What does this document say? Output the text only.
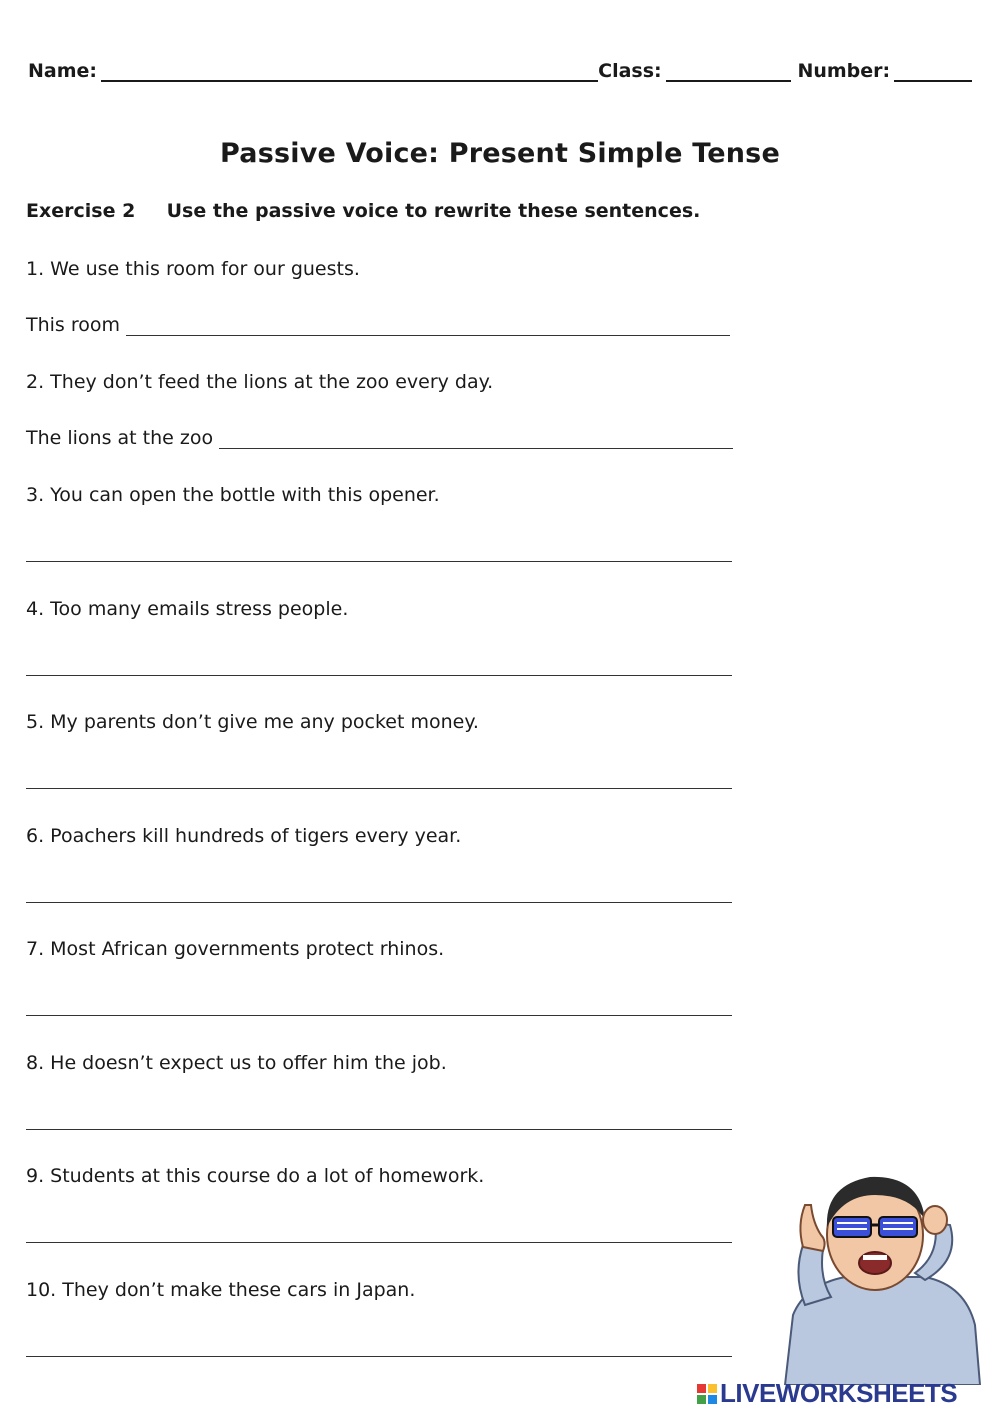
Name:	Class:	Number:
Passive Voice: Present Simple Tense
Exercise 2 Use the passive voice to rewrite these sentences.
1. We use this room for our guests.
This room
2. They don’t feed the lions at the zoo every day.
The lions at the zoo
3. You can open the bottle with this opener.
4. Too many emails stress people.
5. My parents don’t give me any pocket money.
6. Poachers kill hundreds of tigers every year.
7. Most African governments protect rhinos.
8. He doesn’t expect us to offer him the job.
9. Students at this course do a lot of homework.
10. They don’t make these cars in Japan.
LIVEWORKSHEETS
